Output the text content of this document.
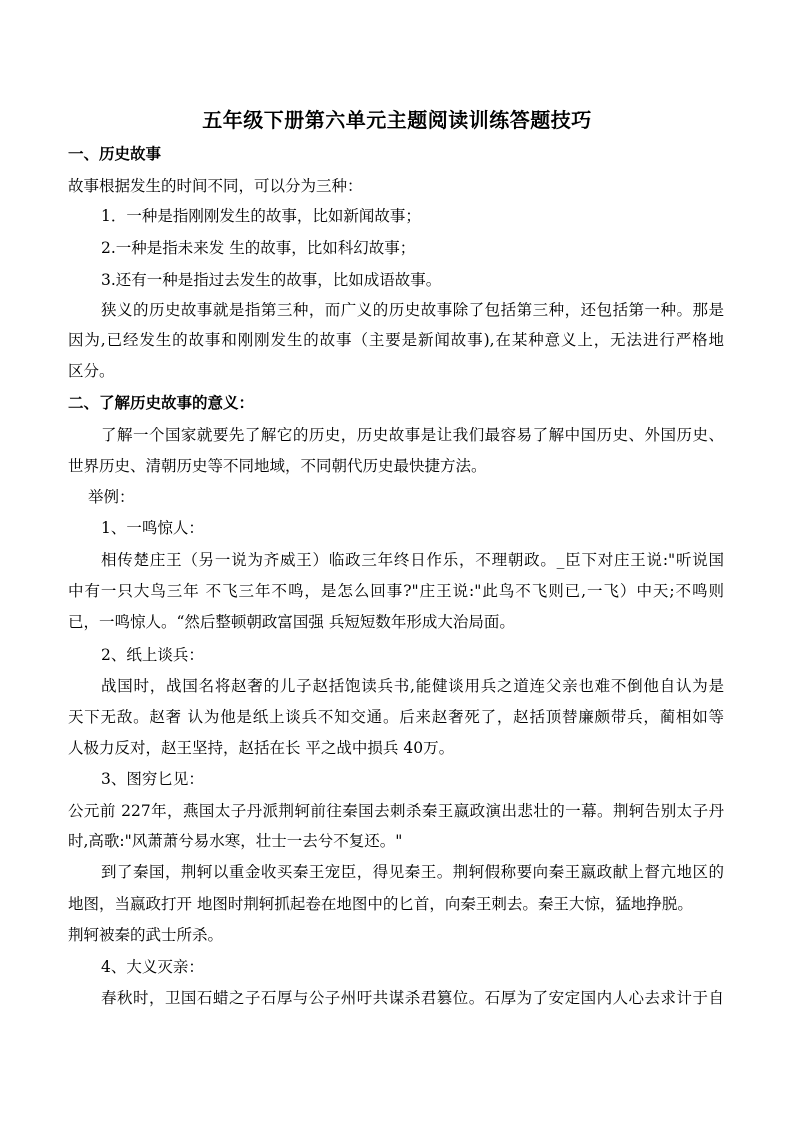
五年级下册第六单元主题阅读训练答题技巧
一、历史故事
故事根据发生的时间不同，可以分为三种：
1．一种是指刚刚发生的故事，比如新闻故事；
2.一种是指未来发 生的故事，比如科幻故事；
3.还有一种是指过去发生的故事，比如成语故事。
狭义的历史故事就是指第三种，而广义的历史故事除了包括第三种，还包括第一种。那是
因为,已经发生的故事和刚刚发生的故事（主要是新闻故事),在某种意义上，无法进行严格地
区分。
二、了解历史故事的意义：
了解一个国家就要先了解它的历史，历史故事是让我们最容易了解中国历史、外国历史、
世界历史、清朝历史等不同地域，不同朝代历史最快捷方法。
举例：
1、一鸣惊人：
相传楚庄王（另一说为齐威王）临政三年终日作乐，不理朝政。_臣下对庄王说:"听说国
中有一只大鸟三年 不飞三年不鸣，是怎么回事?"庄王说:"此鸟不飞则已,一飞）中天;不鸣则
已，一鸣惊人。“然后整顿朝政富国强 兵短短数年形成大治局面。
2、纸上谈兵：
战国时，战国名将赵奢的儿子赵括饱读兵书,能健谈用兵之道连父亲也难不倒他自认为是
天下无敌。赵奢 认为他是纸上谈兵不知交通。后来赵奢死了，赵括顶替廉颇带兵，蔺相如等
人极力反对，赵王坚持，赵括在长 平之战中损兵 40万。
3、图穷匕见：
公元前 227年，燕国太子丹派荆轲前往秦国去刺杀秦王嬴政演出悲壮的一幕。荆轲告别太子丹
时,高歌:"风萧萧兮易水寒，壮士一去兮不复还。"
到了秦国，荆轲以重金收买秦王宠臣，得见秦王。荆轲假称要向秦王嬴政献上督亢地区的
地图，当嬴政打开 地图时荆轲抓起卷在地图中的匕首，向秦王刺去。秦王大惊，猛地挣脱。
荆轲被秦的武士所杀。
4、大义灭亲：
春秋时，卫国石蜡之子石厚与公子州吁共谋杀君篡位。石厚为了安定国内人心去求计于自
